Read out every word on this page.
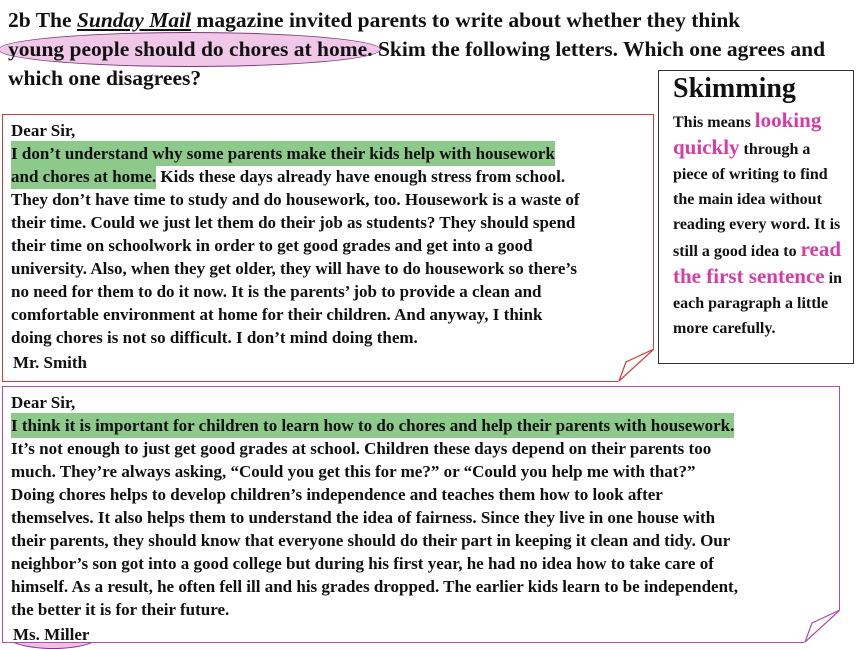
2b The Sunday Mail magazine invited parents to write about whether they think
young people should do chores at home. Skim the following letters. Which one agrees and which one disagrees?	Skimming
This means looking quickly through a piece of writing to find the main idea without reading every word. It is still a good idea to read the first sentence in each paragraph a little more carefully.
Dear Sir,
I don’t understand why some parents make their kids help with housework
and chores at home. Kids these days already have enough stress from school.
They don’t have time to study and do housework, too. Housework is a waste of
their time. Could we just let them do their job as students? They should spend
their time on schoolwork in order to get good grades and get into a good
university. Also, when they get older, they will have to do housework so there’s
no need for them to do it now. It is the parents’ job to provide a clean and
comfortable environment at home for their children. And anyway, I think
doing chores is not so difficult. I don’t mind doing them.
Mr. Smith
Dear Sir,
I think it is important for children to learn how to do chores and help their parents with housework.
It’s not enough to just get good grades at school. Children these days depend on their parents too
much. They’re always asking, “Could you get this for me?” or “Could you help me with that?”
Doing chores helps to develop children’s independence and teaches them how to look after
themselves. It also helps them to understand the idea of fairness. Since they live in one house with
their parents, they should know that everyone should do their part in keeping it clean and tidy. Our
neighbor’s son got into a good college but during his first year, he had no idea how to take care of
himself. As a result, he often fell ill and his grades dropped. The earlier kids learn to be independent,
the better it is for their future.
Ms. Miller
